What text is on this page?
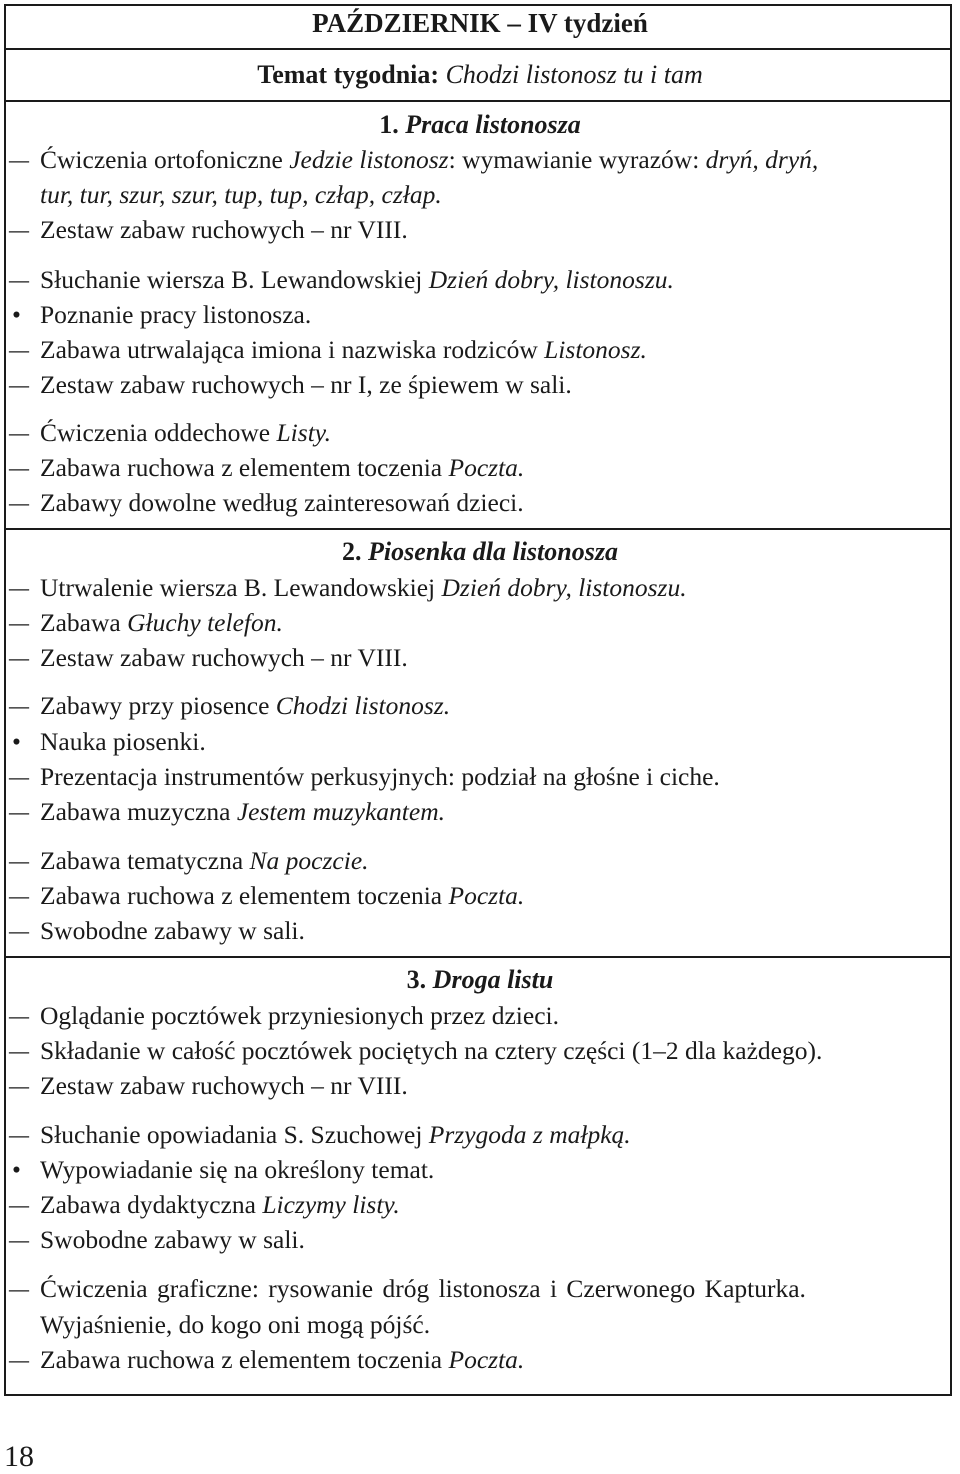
PAŹDZIERNIK – IV tydzień
Temat tygodnia: Chodzi listonosz tu i tam
1. Praca listonosza
–Ćwiczenia ortofoniczne Jedzie listonosz: wymawianie wyrazów: dryń, dryń,
tur, tur, szur, szur, tup, tup, człap, człap.
–Zestaw zabaw ruchowych – nr VIII.
–Słuchanie wiersza B. Lewandowskiej Dzień dobry, listonoszu.
• Poznanie pracy listonosza.
–Zabawa utrwalająca imiona i nazwiska rodziców Listonosz.
–Zestaw zabaw ruchowych – nr I, ze śpiewem w sali.
–Ćwiczenia oddechowe Listy.
–Zabawa ruchowa z elementem toczenia Poczta.
–Zabawy dowolne według zainteresowań dzieci.
2. Piosenka dla listonosza
–Utrwalenie wiersza B. Lewandowskiej Dzień dobry, listonoszu.
–Zabawa Głuchy telefon.
–Zestaw zabaw ruchowych – nr VIII.
–Zabawy przy piosence Chodzi listonosz.
• Nauka piosenki.
–Prezentacja instrumentów perkusyjnych: podział na głośne i ciche.
–Zabawa muzyczna Jestem muzykantem.
–Zabawa tematyczna Na poczcie.
–Zabawa ruchowa z elementem toczenia Poczta.
–Swobodne zabawy w sali.
3. Droga listu
–Oglądanie pocztówek przyniesionych przez dzieci.
–Składanie w całość pocztówek pociętych na cztery części (1–2 dla każdego).
–Zestaw zabaw ruchowych – nr VIII.
–Słuchanie opowiadania S. Szuchowej Przygoda z małpką.
• Wypowiadanie się na określony temat.
–Zabawa dydaktyczna Liczymy listy.
–Swobodne zabawy w sali.
–Ćwiczenia graficzne: rysowanie dróg listonosza i Czerwonego Kapturka.
Wyjaśnienie, do kogo oni mogą pójść.
–Zabawa ruchowa z elementem toczenia Poczta.
18
